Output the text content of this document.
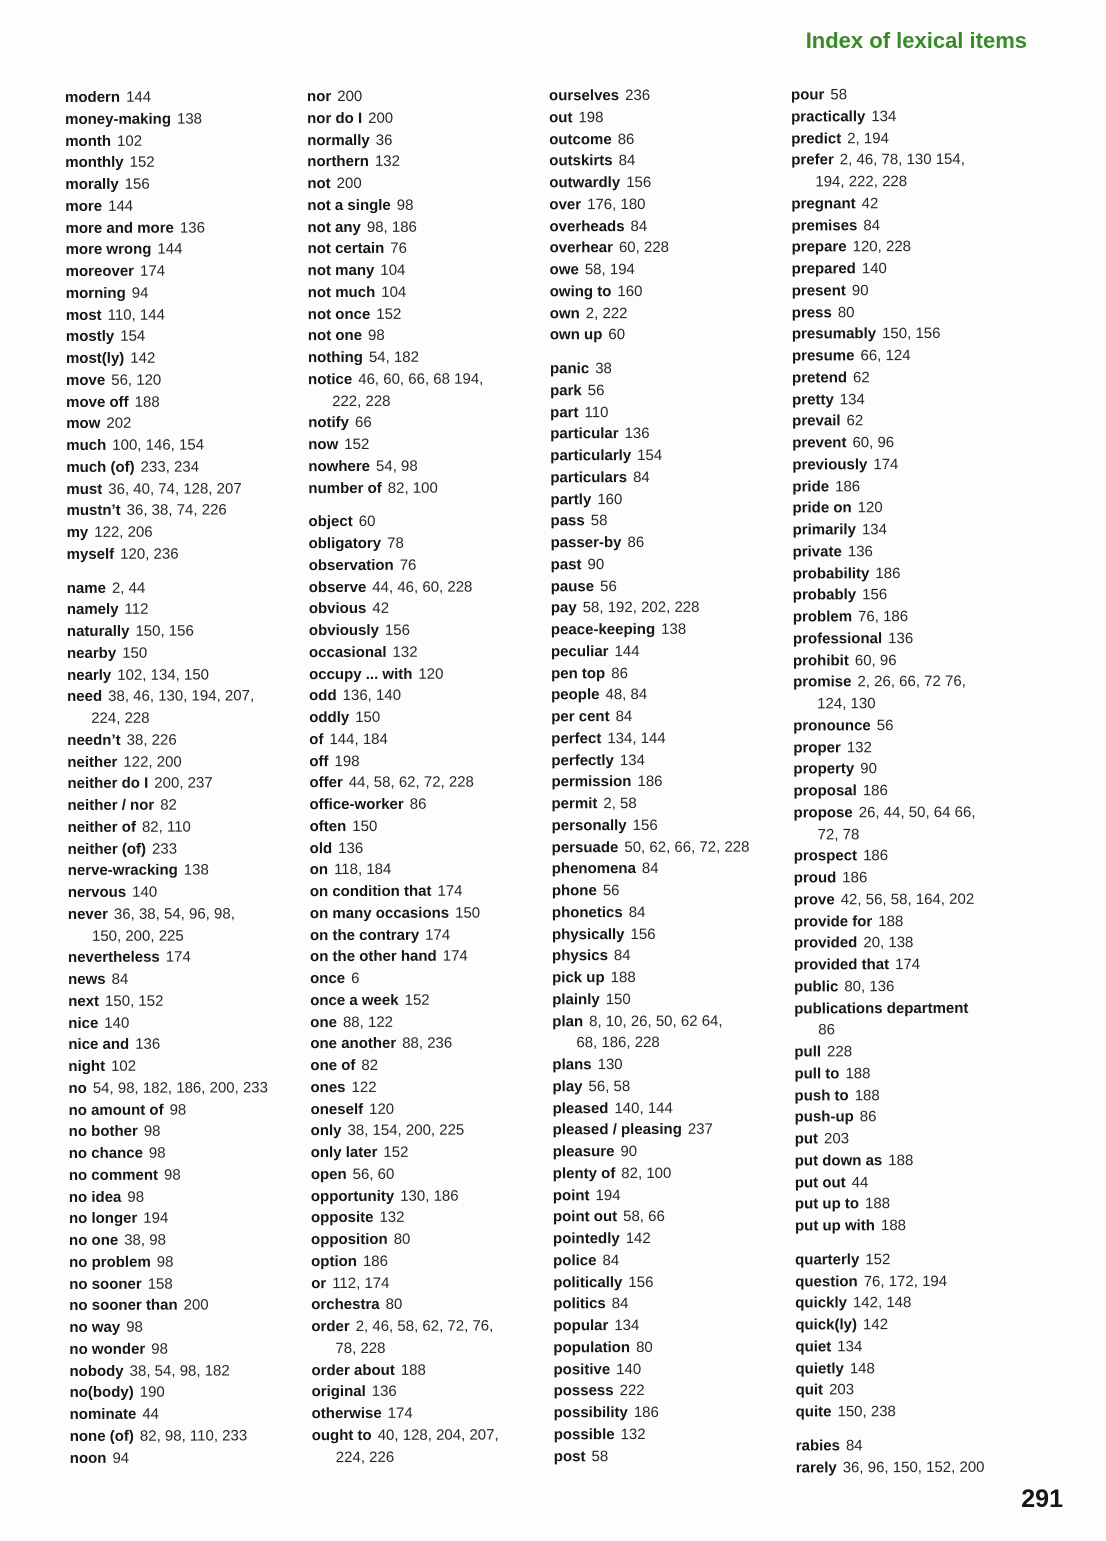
Index of lexical items
modern 144
money-making 138
month 102
monthly 152
morally 156
more 144
more and more 136
more wrong 144
moreover 174
morning 94
most 110, 144
mostly 154
most(ly) 142
move 56, 120
move off 188
mow 202
much 100, 146, 154
much (of) 233, 234
must 36, 40, 74, 128, 207
mustn’t 36, 38, 74, 226
my 122, 206
myself 120, 236
name 2, 44
namely 112
naturally 150, 156
nearby 150
nearly 102, 134, 150
need 38, 46, 130, 194, 207,
224, 228
needn’t 38, 226
neither 122, 200
neither do I 200, 237
neither / nor 82
neither of 82, 110
neither (of) 233
nerve-wracking 138
nervous 140
never 36, 38, 54, 96, 98,
150, 200, 225
nevertheless 174
news 84
next 150, 152
nice 140
nice and 136
night 102
no 54, 98, 182, 186, 200, 233
no amount of 98
no bother 98
no chance 98
no comment 98
no idea 98
no longer 194
no one 38, 98
no problem 98
no sooner 158
no sooner than 200
no way 98
no wonder 98
nobody 38, 54, 98, 182
no(body) 190
nominate 44
none (of) 82, 98, 110, 233
noon 94
nor 200
nor do I 200
normally 36
northern 132
not 200
not a single 98
not any 98, 186
not certain 76
not many 104
not much 104
not once 152
not one 98
nothing 54, 182
notice 46, 60, 66, 68 194,
222, 228
notify 66
now 152
nowhere 54, 98
number of 82, 100
object 60
obligatory 78
observation 76
observe 44, 46, 60, 228
obvious 42
obviously 156
occasional 132
occupy ... with 120
odd 136, 140
oddly 150
of 144, 184
off 198
offer 44, 58, 62, 72, 228
office-worker 86
often 150
old 136
on 118, 184
on condition that 174
on many occasions 150
on the contrary 174
on the other hand 174
once 6
once a week 152
one 88, 122
one another 88, 236
one of 82
ones 122
oneself 120
only 38, 154, 200, 225
only later 152
open 56, 60
opportunity 130, 186
opposite 132
opposition 80
option 186
or 112, 174
orchestra 80
order 2, 46, 58, 62, 72, 76,
78, 228
order about 188
original 136
otherwise 174
ought to 40, 128, 204, 207,
224, 226
ourselves 236
out 198
outcome 86
outskirts 84
outwardly 156
over 176, 180
overheads 84
overhear 60, 228
owe 58, 194
owing to 160
own 2, 222
own up 60
panic 38
park 56
part 110
particular 136
particularly 154
particulars 84
partly 160
pass 58
passer-by 86
past 90
pause 56
pay 58, 192, 202, 228
peace-keeping 138
peculiar 144
pen top 86
people 48, 84
per cent 84
perfect 134, 144
perfectly 134
permission 186
permit 2, 58
personally 156
persuade 50, 62, 66, 72, 228
phenomena 84
phone 56
phonetics 84
physically 156
physics 84
pick up 188
plainly 150
plan 8, 10, 26, 50, 62 64,
68, 186, 228
plans 130
play 56, 58
pleased 140, 144
pleased / pleasing 237
pleasure 90
plenty of 82, 100
point 194
point out 58, 66
pointedly 142
police 84
politically 156
politics 84
popular 134
population 80
positive 140
possess 222
possibility 186
possible 132
post 58
pour 58
practically 134
predict 2, 194
prefer 2, 46, 78, 130 154,
194, 222, 228
pregnant 42
premises 84
prepare 120, 228
prepared 140
present 90
press 80
presumably 150, 156
presume 66, 124
pretend 62
pretty 134
prevail 62
prevent 60, 96
previously 174
pride 186
pride on 120
primarily 134
private 136
probability 186
probably 156
problem 76, 186
professional 136
prohibit 60, 96
promise 2, 26, 66, 72 76,
124, 130
pronounce 56
proper 132
property 90
proposal 186
propose 26, 44, 50, 64 66,
72, 78
prospect 186
proud 186
prove 42, 56, 58, 164, 202
provide for 188
provided 20, 138
provided that 174
public 80, 136
publications department
86
pull 228
pull to 188
push to 188
push-up 86
put 203
put down as 188
put out 44
put up to 188
put up with 188
quarterly 152
question 76, 172, 194
quickly 142, 148
quick(ly) 142
quiet 134
quietly 148
quit 203
quite 150, 238
rabies 84
rarely 36, 96, 150, 152, 200
291
